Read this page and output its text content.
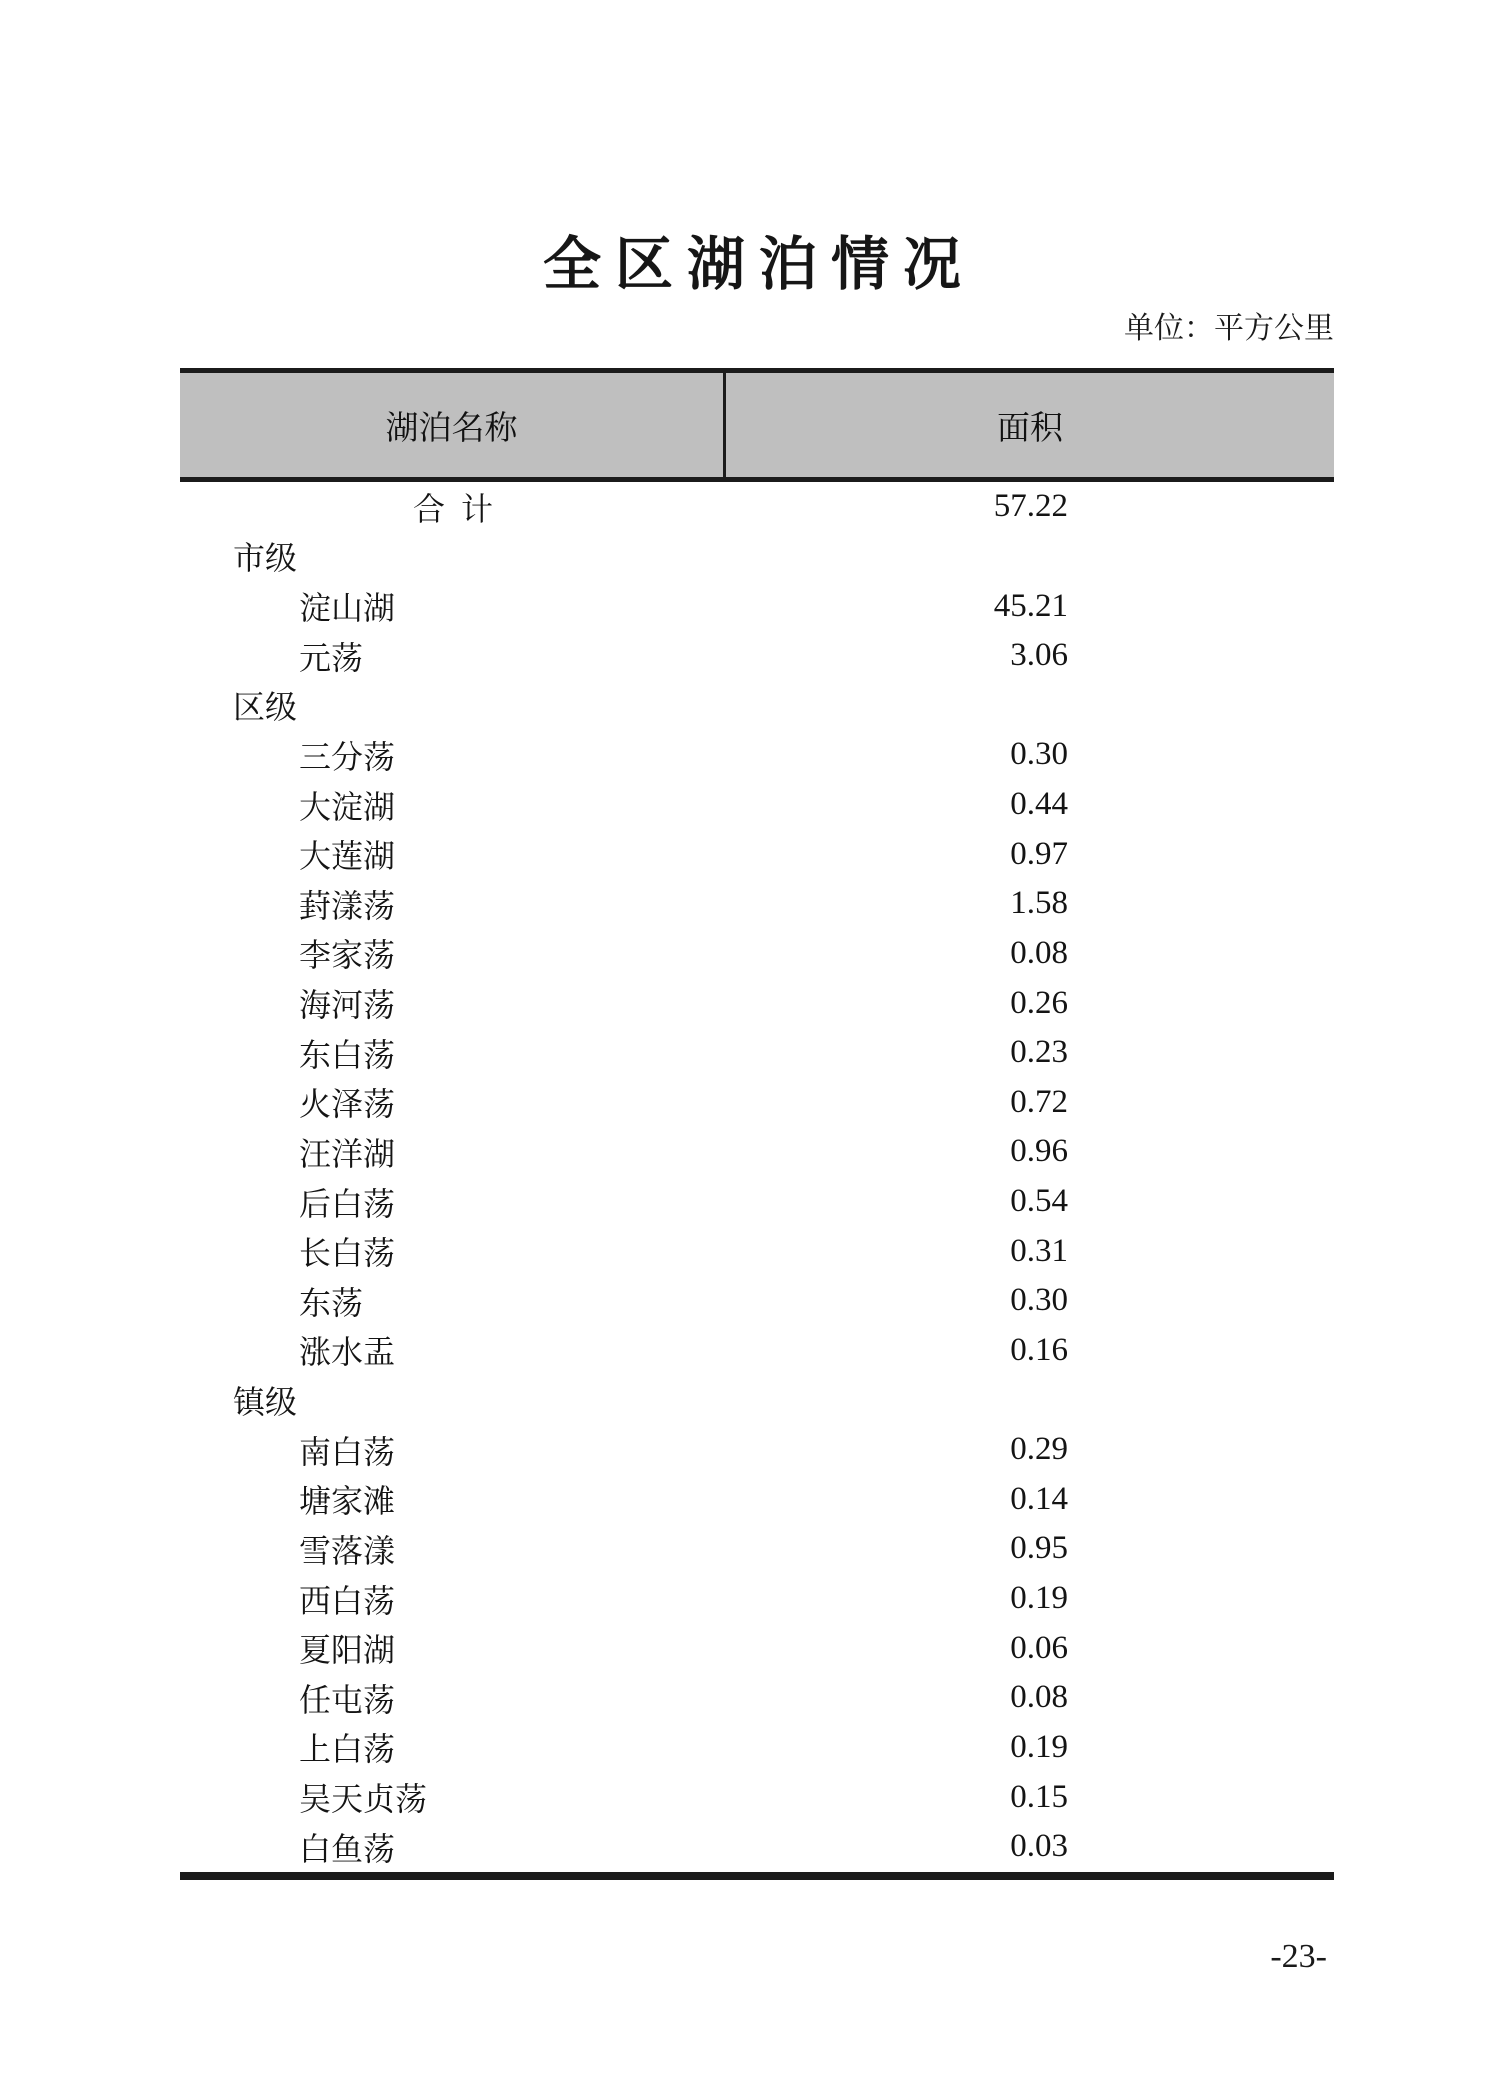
全区湖泊情况
单位：平方公里
湖泊名称	面积
合  计	57.22
市级
淀山湖	45.21
元荡	3.06
区级
三分荡	0.30
大淀湖	0.44
大莲湖	0.97
葑漾荡	1.58
李家荡	0.08
海河荡	0.26
东白荡	0.23
火泽荡	0.72
汪洋湖	0.96
后白荡	0.54
长白荡	0.31
东荡	0.30
涨水盂	0.16
镇级
南白荡	0.29
塘家滩	0.14
雪落漾	0.95
西白荡	0.19
夏阳湖	0.06
任屯荡	0.08
上白荡	0.19
吴天贞荡	0.15
白鱼荡	0.03
-23-
